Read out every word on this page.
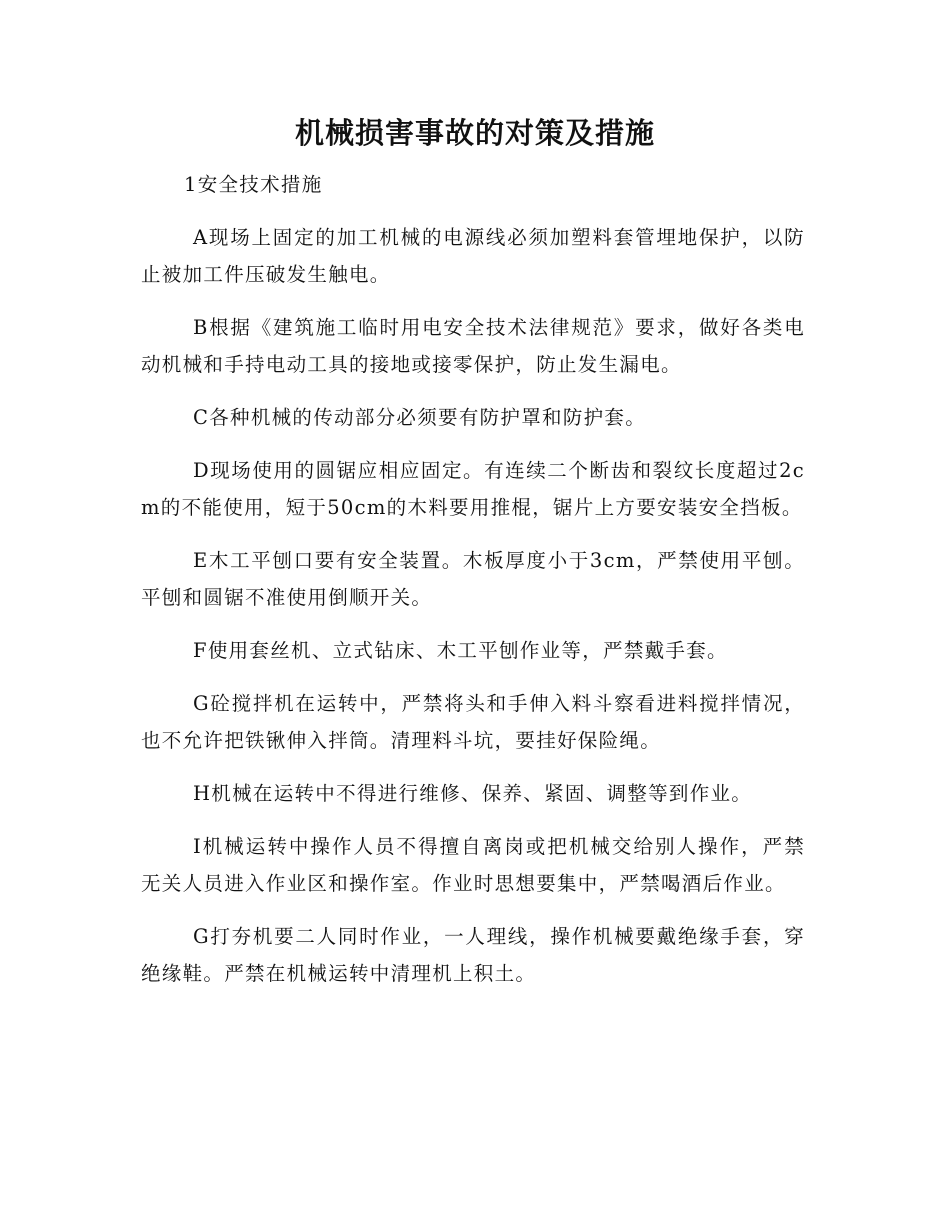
机械损害事故的对策及措施

1安全技术措施

A现场上固定的加工机械的电源线必须加塑料套管埋地保护，以防止被加工件压破发生触电。

B根据《建筑施工临时用电安全技术法律规范》要求，做好各类电动机械和手持电动工具的接地或接零保护，防止发生漏电。

C各种机械的传动部分必须要有防护罩和防护套。

D现场使用的圆锯应相应固定。有连续二个断齿和裂纹长度超过2cm的不能使用，短于50cm的木料要用推棍，锯片上方要安装安全挡板。

E木工平刨口要有安全装置。木板厚度小于3cm，严禁使用平刨。平刨和圆锯不准使用倒顺开关。

F使用套丝机、立式钻床、木工平刨作业等，严禁戴手套。

G砼搅拌机在运转中，严禁将头和手伸入料斗察看进料搅拌情况，也不允许把铁锹伸入拌筒。清理料斗坑，要挂好保险绳。

H机械在运转中不得进行维修、保养、紧固、调整等到作业。

I机械运转中操作人员不得擅自离岗或把机械交给别人操作，严禁无关人员进入作业区和操作室。作业时思想要集中，严禁喝酒后作业。

G打夯机要二人同时作业，一人理线，操作机械要戴绝缘手套，穿绝缘鞋。严禁在机械运转中清理机上积土。
